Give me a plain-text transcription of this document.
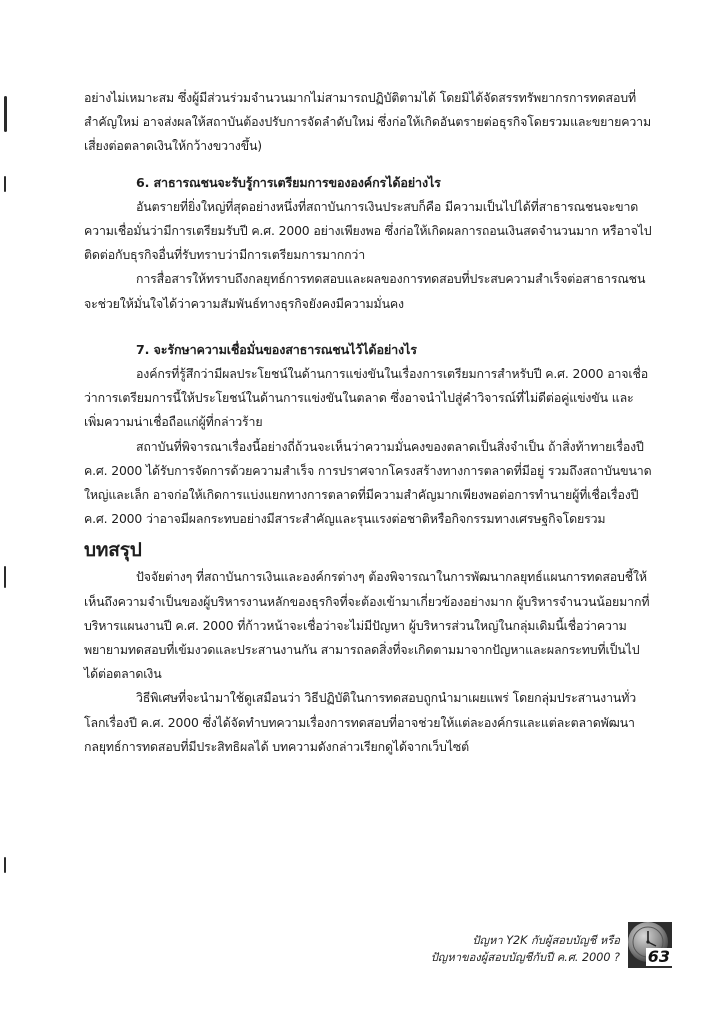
อย่างไม่เหมาะสม ซึ่งผู้มีส่วนร่วมจำนวนมากไม่สามารถปฏิบัติตามได้ โดยมิได้จัดสรรทรัพยากรการทดสอบที่สำคัญใหม่ อาจส่งผลให้สถาบันต้องปรับการจัดลำดับใหม่ ซึ่งก่อให้เกิดอันตรายต่อธุรกิจโดยรวมและขยายความเสี่ยงต่อตลาดเงินให้กว้างขวางขึ้น)

6. สาธารณชนจะรับรู้การเตรียมการขององค์กรได้อย่างไร

อันตรายที่ยิ่งใหญ่ที่สุดอย่างหนึ่งที่สถาบันการเงินประสบก็คือ มีความเป็นไปได้ที่สาธารณชนจะขาดความเชื่อมั่นว่ามีการเตรียมรับปี ค.ศ. 2000 อย่างเพียงพอ ซึ่งก่อให้เกิดผลการถอนเงินสดจำนวนมาก หรือาจไปติดต่อกับธุรกิจอื่นที่รับทราบว่ามีการเตรียมการมากกว่า

การสื่อสารให้ทราบถึงกลยุทธ์การทดสอบและผลของการทดสอบที่ประสบความสำเร็จต่อสาธารณชนจะช่วยให้มั่นใจได้ว่าความสัมพันธ์ทางธุรกิจยังคงมีความมั่นคง

7. จะรักษาความเชื่อมั่นของสาธารณชนไว้ได้อย่างไร

องค์กรที่รู้สึกว่ามีผลประโยชน์ในด้านการแข่งขันในเรื่องการเตรียมการสำหรับปี ค.ศ. 2000 อาจเชื่อว่าการเตรียมการนี้ให้ประโยชน์ในด้านการแข่งขันในตลาด ซึ่งอาจนำไปสู่คำวิจารณ์ที่ไม่ดีต่อคู่แข่งขัน และเพิ่มความน่าเชื่อถือแก่ผู้ที่กล่าวร้าย

สถาบันที่พิจารณาเรื่องนี้อย่างถี่ถ้วนจะเห็นว่าความมั่นคงของตลาดเป็นสิ่งจำเป็น ถ้าสิ่งท้าทายเรื่องปี ค.ศ. 2000 ได้รับการจัดการด้วยความสำเร็จ การปราศจากโครงสร้างทางการตลาดที่มีอยู่ รวมถึงสถาบันขนาดใหญ่และเล็ก อาจก่อให้เกิดการแบ่งแยกทางการตลาดที่มีความสำคัญมากเพียงพอต่อการทำนายผู้ที่เชื่อเรื่องปี ค.ศ. 2000 ว่าอาจมีผลกระทบอย่างมีสาระสำคัญและรุนแรงต่อชาติหรือกิจกรรมทางเศรษฐกิจโดยรวม

บทสรุป

ปัจจัยต่างๆ ที่สถาบันการเงินและองค์กรต่างๆ ต้องพิจารณาในการพัฒนากลยุทธ์แผนการทดสอบชี้ให้เห็นถึงความจำเป็นของผู้บริหารงานหลักของธุรกิจที่จะต้องเข้ามาเกี่ยวข้องอย่างมาก ผู้บริหารจำนวนน้อยมากที่บริหารแผนงานปี ค.ศ. 2000 ที่ก้าวหน้าจะเชื่อว่าจะไม่มีปัญหา ผู้บริหารส่วนใหญ่ในกลุ่มเดิมนี้เชื่อว่าความพยายามทดสอบที่เข้มงวดและประสานงานกัน สามารถลดสิ่งที่จะเกิดตามมาจากปัญหาและผลกระทบที่เป็นไปได้ต่อตลาดเงิน

วิธีพิเศษที่จะนำมาใช้ดูเสมือนว่า วิธีปฏิบัติในการทดสอบถูกนำมาเผยแพร่ โดยกลุ่มประสานงานทั่วโลกเรื่องปี ค.ศ. 2000 ซึ่งได้จัดทำบทความเรื่องการทดสอบที่อาจช่วยให้แต่ละองค์กรและแต่ละตลาดพัฒนากลยุทธ์การทดสอบที่มีประสิทธิผลได้ บทความดังกล่าวเรียกดูได้จากเว็บไซต์

ปัญหา Y2K กับผู้สอบบัญชี หรือ
ปัญหาของผู้สอบบัญชีกับปี ค.ศ. 2000 ? 63
